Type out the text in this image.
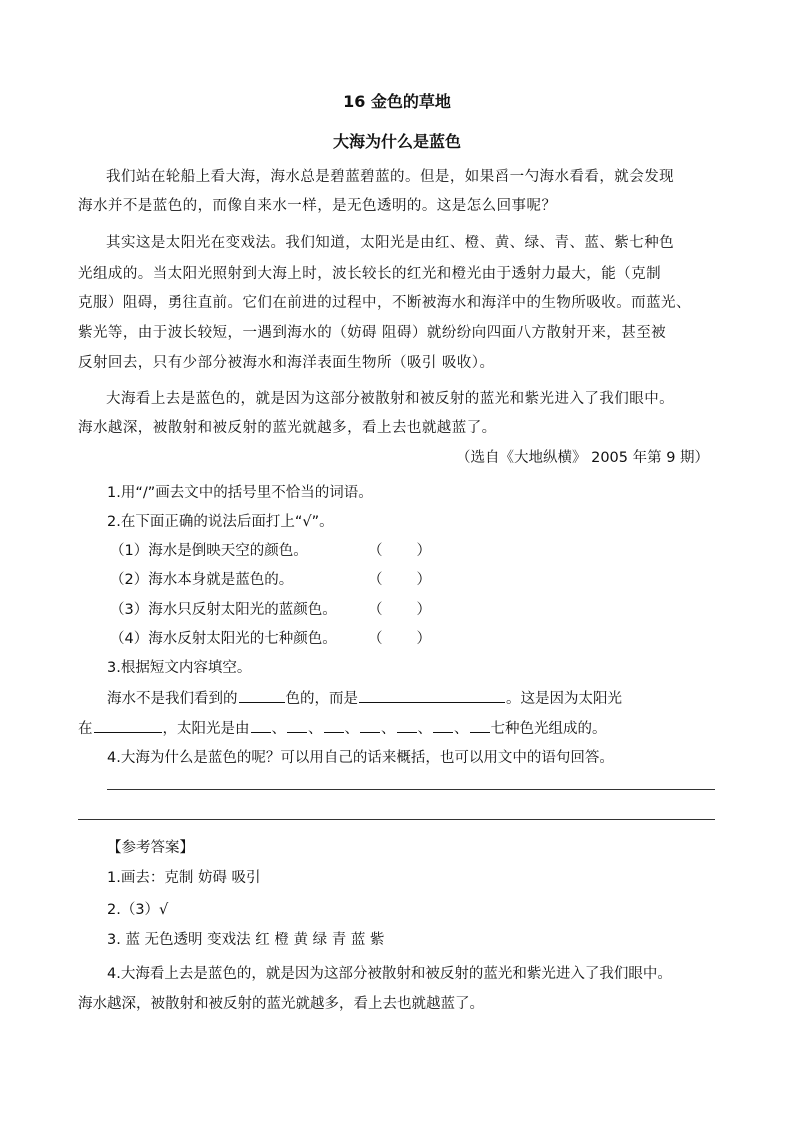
16 金色的草地
大海为什么是蓝色
我们站在轮船上看大海，海水总是碧蓝碧蓝的。但是，如果舀一勺海水看看，就会发现
海水并不是蓝色的，而像自来水一样，是无色透明的。这是怎么回事呢？
其实这是太阳光在变戏法。我们知道，太阳光是由红、橙、黄、绿、青、蓝、紫七种色
光组成的。当太阳光照射到大海上时，波长较长的红光和橙光由于透射力最大，能（克制
克服）阻碍，勇往直前。它们在前进的过程中，不断被海水和海洋中的生物所吸收。而蓝光、
紫光等，由于波长较短，一遇到海水的（妨碍 阻碍）就纷纷向四面八方散射开来，甚至被
反射回去，只有少部分被海水和海洋表面生物所（吸引 吸收）。
大海看上去是蓝色的，就是因为这部分被散射和被反射的蓝光和紫光进入了我们眼中。
海水越深，被散射和被反射的蓝光就越多，看上去也就越蓝了。
（选自《大地纵横》 2005 年第 9 期）
1.用“/”画去文中的括号里不恰当的词语。
2.在下面正确的说法后面打上“√”。
（1）海水是倒映天空的颜色。	（ ）
（2）海水本身就是蓝色的。	（ ）
（3）海水只反射太阳光的蓝颜色。 （ ）
（4）海水反射太阳光的七种颜色。 （ ）
3.根据短文内容填空。
海水不是我们看到的	色的，而是	。这是因为太阳光
在	，太阳光是由 、 、 、 、 、 、 七种色光组成的。
4.大海为什么是蓝色的呢？可以用自己的话来概括，也可以用文中的语句回答。
【参考答案】
1.画去：克制 妨碍 吸引
2.（3）√
3. 蓝 无色透明 变戏法 红 橙 黄 绿 青 蓝 紫
4.大海看上去是蓝色的，就是因为这部分被散射和被反射的蓝光和紫光进入了我们眼中。
海水越深，被散射和被反射的蓝光就越多，看上去也就越蓝了。
